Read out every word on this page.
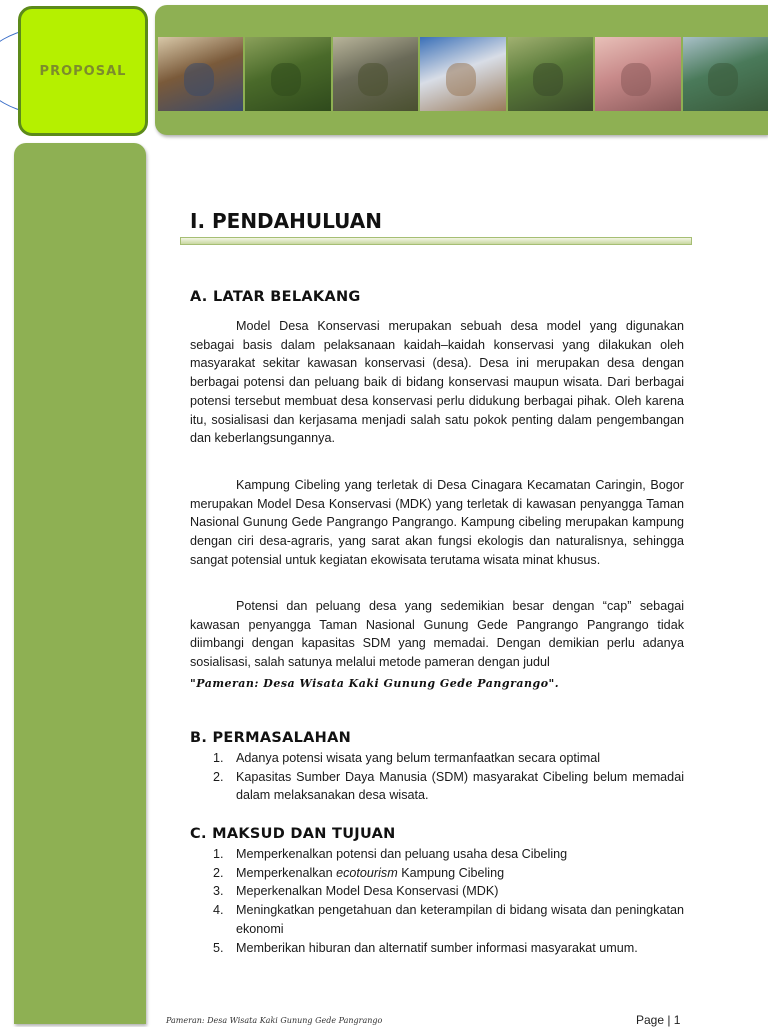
PROPOSAL
I. PENDAHULUAN
A. LATAR BELAKANG

Model Desa Konservasi merupakan sebuah desa model yang digunakan sebagai basis dalam pelaksanaan kaidah–kaidah konservasi yang dilakukan oleh masyarakat sekitar kawasan konservasi (desa). Desa ini merupakan desa dengan berbagai potensi dan peluang baik di bidang konservasi maupun wisata. Dari berbagai potensi tersebut membuat desa konservasi perlu didukung berbagai pihak. Oleh karena itu, sosialisasi dan kerjasama menjadi salah satu pokok penting dalam pengembangan dan keberlangsungannya.

Kampung Cibeling yang terletak di Desa Cinagara Kecamatan Caringin, Bogor merupakan Model Desa Konservasi (MDK) yang terletak di kawasan penyangga Taman Nasional Gunung Gede Pangrango Pangrango. Kampung cibeling merupakan kampung dengan ciri desa-agraris, yang sarat akan fungsi ekologis dan naturalisnya, sehingga sangat potensial untuk kegiatan ekowisata terutama wisata minat khusus.

Potensi dan peluang desa yang sedemikian besar dengan “cap” sebagai kawasan penyangga Taman Nasional Gunung Gede Pangrango Pangrango tidak diimbangi dengan kapasitas SDM yang memadai. Dengan demikian perlu adanya sosialisasi, salah satunya melalui metode pameran dengan judul

"Pameran: Desa Wisata Kaki Gunung Gede Pangrango".
B. PERMASALAHAN
1. Adanya potensi wisata yang belum termanfaatkan secara optimal
2. Kapasitas Sumber Daya Manusia (SDM) masyarakat Cibeling belum memadai dalam melaksanakan desa wisata.
C. MAKSUD DAN TUJUAN
1. Memperkenalkan potensi dan peluang usaha desa Cibeling
2. Memperkenalkan ecotourism Kampung Cibeling
3. Meperkenalkan Model Desa Konservasi (MDK)
4. Meningkatkan pengetahuan dan keterampilan di bidang wisata dan peningkatan ekonomi
5. Memberikan hiburan dan alternatif sumber informasi masyarakat umum.
Pameran: Desa Wisata Kaki Gunung Gede Pangrango	Page | 1
